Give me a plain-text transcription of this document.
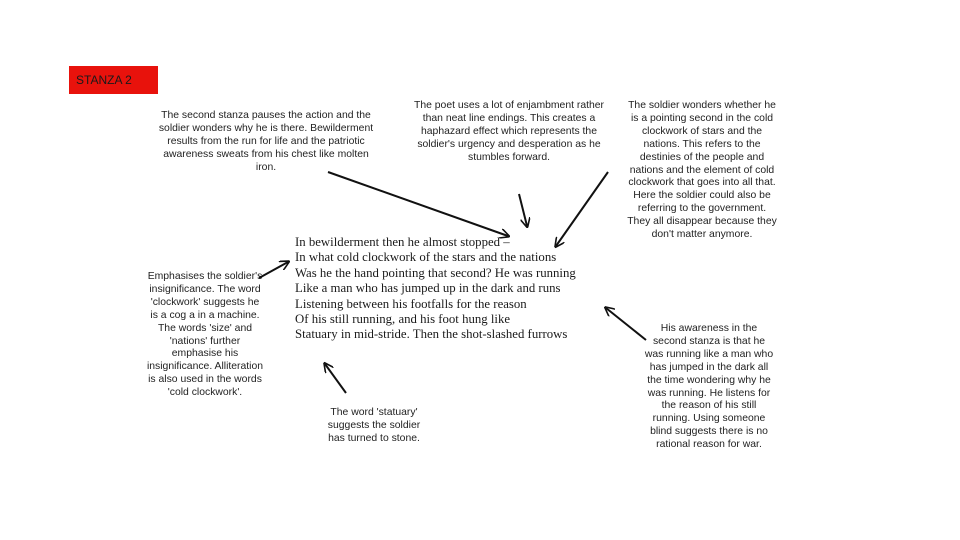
STANZA 2
The second stanza pauses the action and the soldier wonders why he is there. Bewilderment results from the run for life and the patriotic awareness sweats from his chest like molten iron.
The poet uses a lot of enjambment rather than neat line endings. This creates a haphazard effect which represents the soldier's urgency and desperation as he stumbles forward.
The soldier wonders whether he is a pointing second in the cold clockwork of stars and the nations. This refers to the destinies of the people and nations and the element of cold clockwork that goes into all that. Here the soldier could also be referring to the government. They all disappear because they don't matter anymore.
Emphasises the soldier's insignificance. The word 'clockwork' suggests he is a cog a in a machine. The words 'size' and 'nations' further emphasise his insignificance. Alliteration is also used in the words 'cold clockwork'.
The word 'statuary' suggests the soldier has turned to stone.
His awareness in the second stanza is that he was running like a man who has jumped in the dark all the time wondering why he was running. He listens for the reason of his still running. Using someone blind suggests there is no rational reason for war.
In bewilderment then he almost stopped –
In what cold clockwork of the stars and the nations
Was he the hand pointing that second? He was running
Like a man who has jumped up in the dark and runs
Listening between his footfalls for the reason
Of his still running, and his foot hung like
Statuary in mid-stride. Then the shot-slashed furrows
